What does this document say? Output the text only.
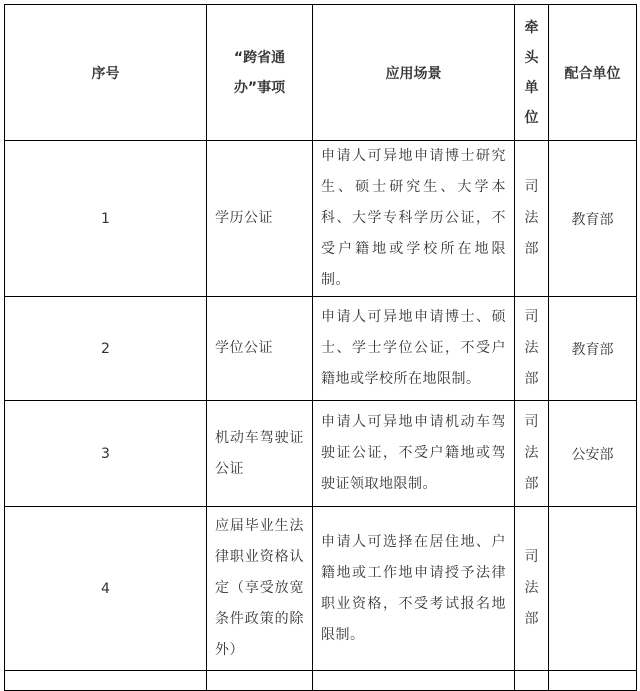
序号	“跨省通办”事项	应用场景	牵头单位	配合单位
1	学历公证	申请人可异地申请博士研究生、硕士研究生、大学本科、大学专科学历公证，不受户籍地或学校所在地限制。	司法部	教育部
2	学位公证	申请人可异地申请博士、硕士、学士学位公证，不受户籍地或学校所在地限制。	司法部	教育部
3	机动车驾驶证公证	申请人可异地申请机动车驾驶证公证，不受户籍地或驾驶证领取地限制。	司法部	公安部
4	应届毕业生法律职业资格认定（享受放宽条件政策的除外）	申请人可选择在居住地、户籍地或工作地申请授予法律职业资格，不受考试报名地限制。	司法部	
